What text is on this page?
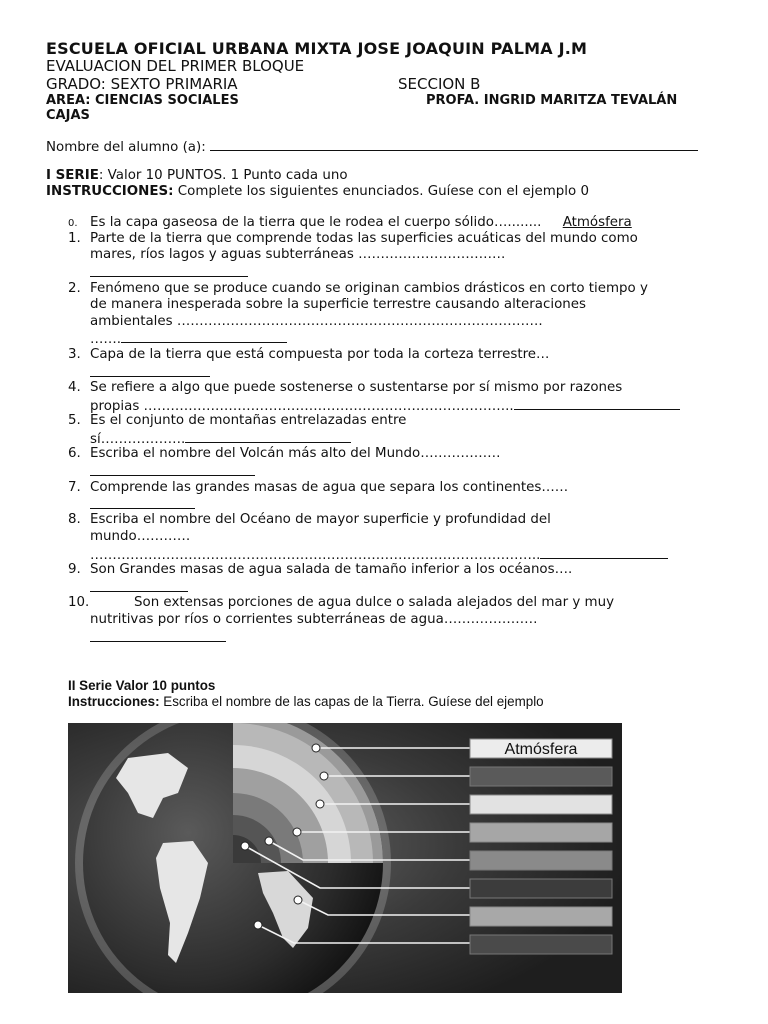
ESCUELA OFICIAL URBANA MIXTA JOSE JOAQUIN PALMA J.M
EVALUACION DEL PRIMER BLOQUE
GRADO: SEXTO PRIMARIA	SECCION B
AREA: CIENCIAS SOCIALES	PROFA. INGRID MARITZA TEVALÁN
CAJAS
Nombre del alumno (a):
I SERIE: Valor 10 PUNTOS. 1 Punto cada uno
INSTRUCCIONES: Complete los siguientes enunciados. Guíese con el ejemplo 0
0. Es la capa gaseosa de la tierra que le rodea el cuerpo sólido…........ Atmósfera
1. Parte de la tierra que comprende todas las superficies acuáticas del mundo como
mares, ríos lagos y aguas subterráneas ……………………………
2. Fenómeno que se produce cuando se originan cambios drásticos en corto tiempo y
de manera inesperada sobre la superficie terrestre causando alteraciones
ambientales ……………………………………………………………………….
…….
3. Capa de la tierra que está compuesta por toda la corteza terrestre…
4. Se refiere a algo que puede sostenerse o sustentarse por sí mismo por razones
propias ………………………………………………………………………..
5. Es el conjunto de montañas entrelazadas entre
sí……………….
6. Escriba el nombre del Volcán más alto del Mundo………………
7. Comprende las grandes masas de agua que separa los continentes……
8. Escriba el nombre del Océano de mayor superficie y profundidad del
mundo…………
………………………………………………………………………………………..
9. Son Grandes masas de agua salada de tamaño inferior a los océanos….
10.	Son extensas porciones de agua dulce o salada alejados del mar y muy
nutritivas por ríos o corrientes subterráneas de agua…………………
II Serie Valor 10 puntos
Instrucciones: Escriba el nombre de las capas de la Tierra. Guíese del ejemplo
Atmósfera
